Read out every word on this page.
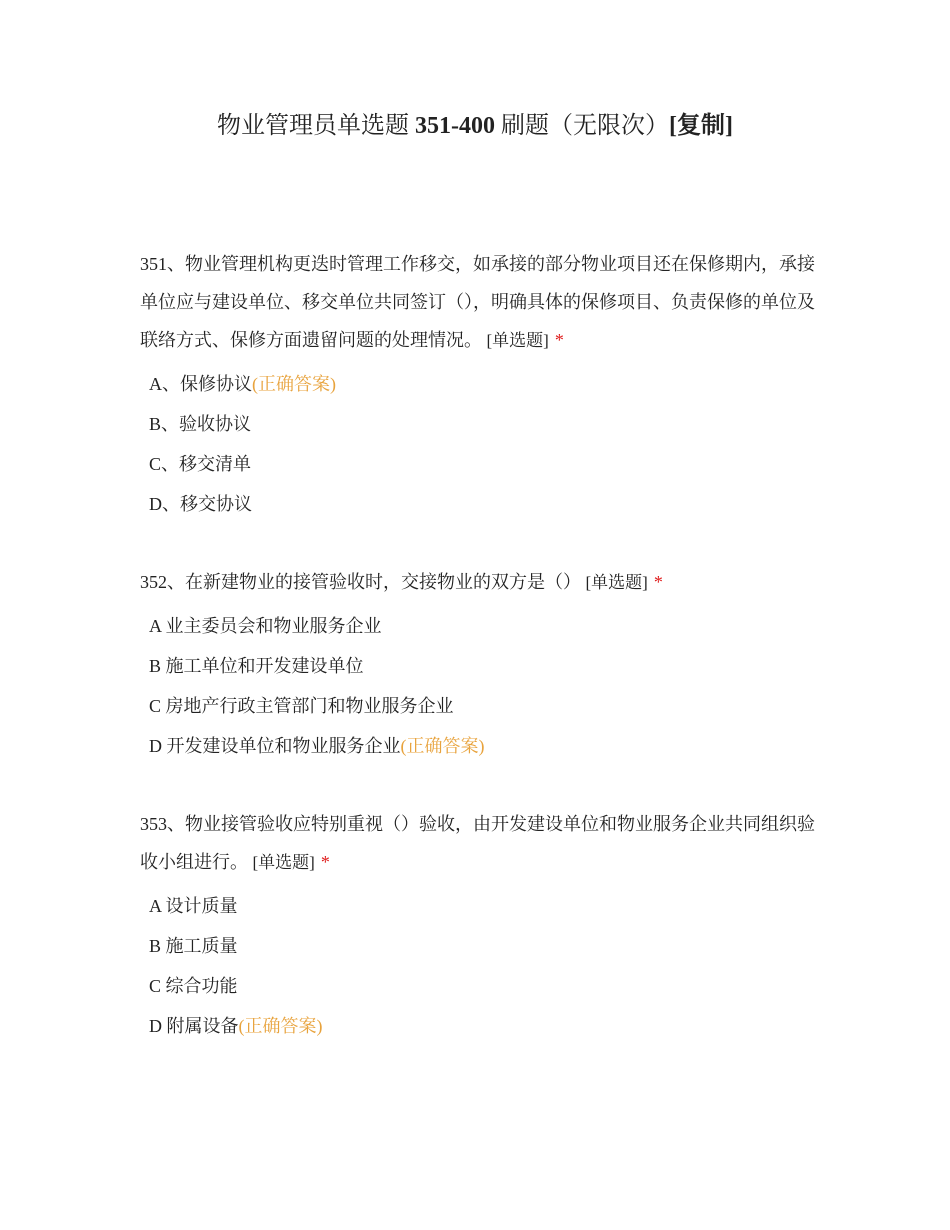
物业管理员单选题 351-400 刷题（无限次）[复制]

351、物业管理机构更迭时管理工作移交，如承接的部分物业项目还在保修期内，承接单位应与建设单位、移交单位共同签订（），明确具体的保修项目、负责保修的单位及联络方式、保修方面遗留问题的处理情况。 [单选题] *

A、保修协议(正确答案)
B、验收协议
C、移交清单
D、移交协议

352、在新建物业的接管验收时，交接物业的双方是（） [单选题] *

A 业主委员会和物业服务企业
B 施工单位和开发建设单位
C 房地产行政主管部门和物业服务企业
D 开发建设单位和物业服务企业(正确答案)

353、物业接管验收应特别重视（）验收，由开发建设单位和物业服务企业共同组织验收小组进行。 [单选题] *

A 设计质量
B 施工质量
C 综合功能
D 附属设备(正确答案)
